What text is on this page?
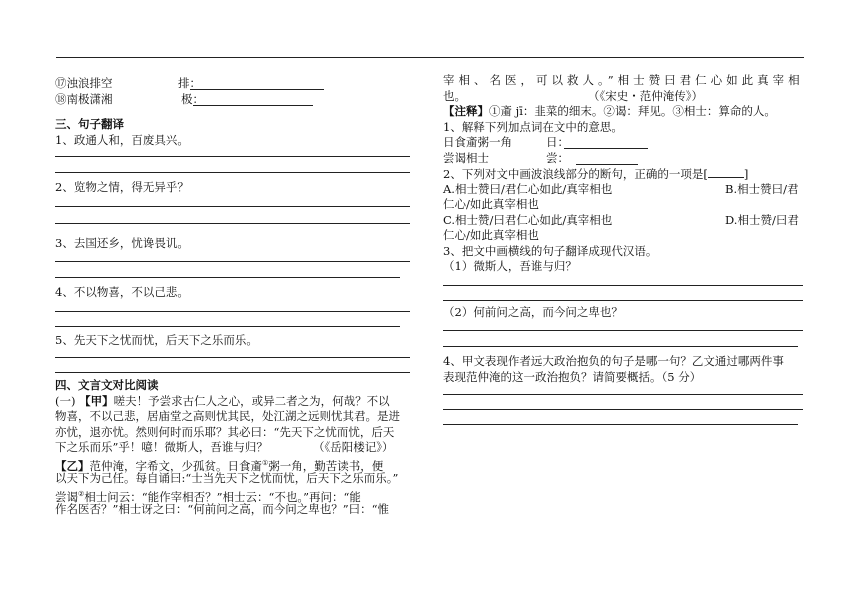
⑰浊浪排空	排：
⑱南极潇湘	极：
三、句子翻译
1、政通人和，百废具兴。
2、览物之情，得无异乎？
3、去国还乡，忧谗畏讥。
4、不以物喜，不以己悲。
5、先天下之忧而忧，后天下之乐而乐。
四、文言文对比阅读
(一) 【甲】嗟夫！予尝求古仁人之心，或异二者之为，何哉？不以
物喜，不以己悲，居庙堂之高则忧其民，处江湖之远则忧其君。是进
亦忧，退亦忧。然则何时而乐耶？其必曰：“先天下之忧而忧，后天
下之乐而乐”乎！噫！微斯人，吾谁与归？	（《岳阳楼记》）
【乙】范仲淹，字希文，少孤贫。日食齑①粥一角，勤苦读书，便
以天下为己任。每自诵曰:“士当先天下之忧而忧，后天下之乐而乐。”
尝谒②相士问云：“能作宰相否？”相士云：“不也。”再问：“能
作名医否？”相士讶之曰：“何前问之高，而今问之卑也？”曰：“惟
宰相、名医，可以救人。”相士赞曰君仁心如此真宰相
也。	（《宋史・范仲淹传》）
【注释】①齑 jī：韭菜的细末。②谒：拜见。③相士：算命的人。
1、解释下列加点词在文中的意思。
日食齑粥一角	日：
尝谒相士	尝：
2、下列对文中画波浪线部分的断句，正确的一项是[	]
A.相士赞曰/君仁心如此/真宰相也	B.相士赞曰/君
仁心/如此真宰相也
C.相士赞/曰君仁心如此/真宰相也	D.相士赞/曰君
仁心/如此真宰相也
3、把文中画横线的句子翻译成现代汉语。
（1）微斯人，吾谁与归？
（2）何前问之高，而今问之卑也？
4、甲文表现作者远大政治抱负的句子是哪一句？乙文通过哪两件事
表现范仲淹的这一政治抱负？请简要概括。（5 分）
